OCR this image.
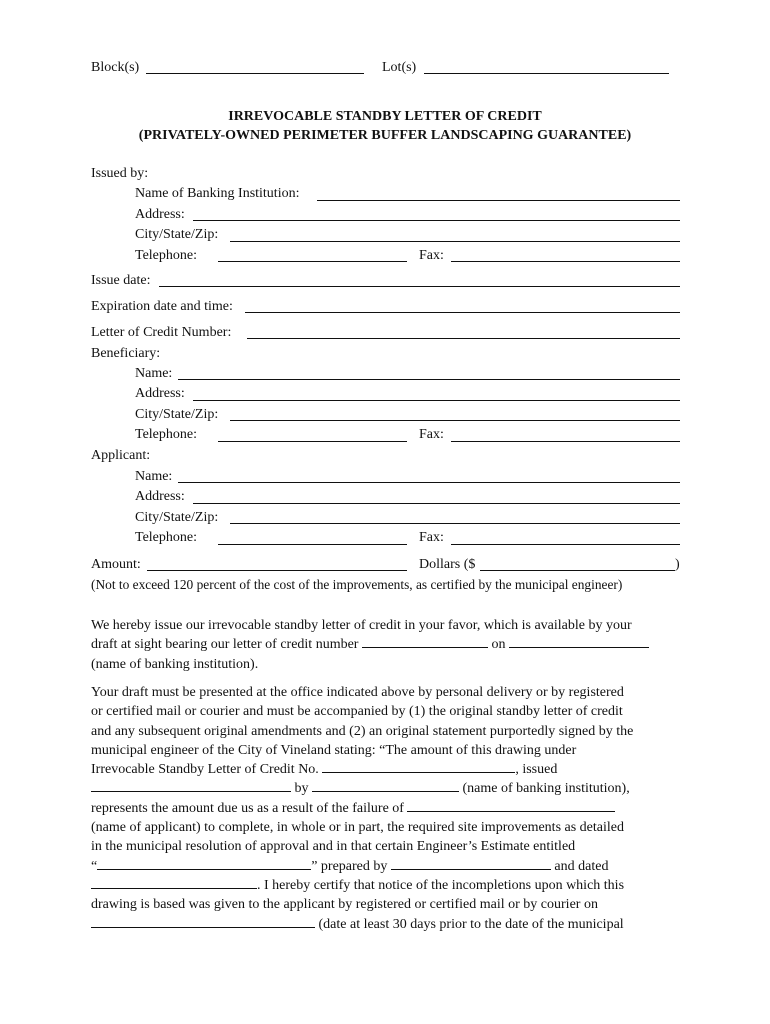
Block(s)	Lot(s)
IRREVOCABLE STANDBY LETTER OF CREDIT
(PRIVATELY-OWNED PERIMETER BUFFER LANDSCAPING GUARANTEE)
Issued by:
Name of Banking Institution:
Address:
City/State/Zip:
Telephone:	Fax:
Issue date:
Expiration date and time:
Letter of Credit Number:
Beneficiary:
Name:
Address:
City/State/Zip:
Telephone:	Fax:
Applicant:
Name:
Address:
City/State/Zip:
Telephone:	Fax:
Amount:	Dollars ($	)
(Not to exceed 120 percent of the cost of the improvements, as certified by the municipal engineer)
We hereby issue our irrevocable standby letter of credit in your favor, which is available by your
draft at sight bearing our letter of credit number	on
(name of banking institution).
Your draft must be presented at the office indicated above by personal delivery or by registered
or certified mail or courier and must be accompanied by (1) the original standby letter of credit
and any subsequent original amendments and (2) an original statement purportedly signed by the
municipal engineer of the City of Vineland stating: “The amount of this drawing under
Irrevocable Standby Letter of Credit No.	, issued
by	(name of banking institution),
represents the amount due us as a result of the failure of
(name of applicant) to complete, in whole or in part, the required site improvements as detailed
in the municipal resolution of approval and in that certain Engineer’s Estimate entitled
“	” prepared by	and dated
. I hereby certify that notice of the incompletions upon which this
drawing is based was given to the applicant by registered or certified mail or by courier on
(date at least 30 days prior to the date of the municipal
